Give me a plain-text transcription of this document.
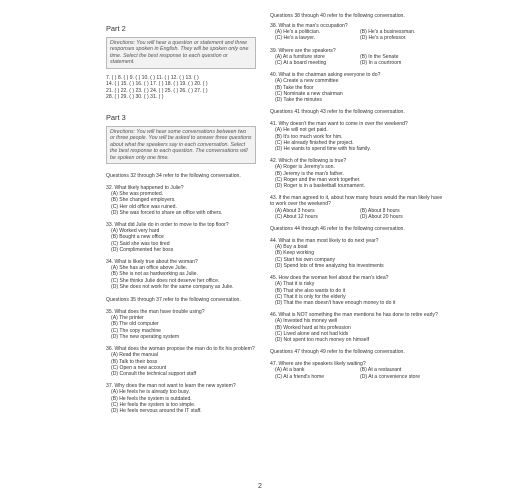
Part 2
Directions: You will hear a question or statement and three responses spoken in English. They will be spoken only one time. Select the best response to each question or statement.
7. ( ) 8. ( ) 9. ( ) 10. ( ) 11. ( ) 12. ( ) 13. ( )
14. ( ) 15. ( ) 16. ( ) 17. ( ) 18. ( ) 19. ( ) 20. ( )
21. ( ) 22. ( ) 23. ( ) 24. ( ) 25. ( ) 26. ( ) 27. ( )
28. ( ) 29. ( ) 30. ( ) 31. ( )
Part 3
Directions: You will hear some conversations between two or three people. You will be asked to answer three questions about what the speakers say in each conversation. Select the best response to each question. The conversations will be spoken only one time.
Questions 32 through 34 refer to the following conversation.
32. What likely happened to Julie?
(A) She was promoted.
(B) She changed employers.
(C) Her old office was ruined.
(D) She was forced to share an office with others.
33. What did Julie do in order to move to the top floor?
(A) Worked very hard
(B) Bought a new office
(C) Said she was too tired
(D) Complimented her boss
34. What is likely true about the woman?
(A) She has an office above Julie.
(B) She is not as hardworking as Julie.
(C) She thinks Julie does not deserve her office.
(D) She does not work for the same company as Julie.
Questions 35 through 37 refer to the following conversation.
35. What does the man have trouble using?
(A) The printer
(B) The old computer
(C) The copy machine
(D) The new operating system
36. What does the woman propose the man do to fix his problem?
(A) Read the manual
(B) Talk to their boss
(C) Open a new account
(D) Consult the technical support staff
37. Why does the man not want to learn the new system?
(A) He feels he is already too busy.
(B) He feels the system is outdated.
(C) He feels the system is too simple.
(D) He feels nervous around the IT staff.
Questions 38 through 40 refer to the following conversation.
38. What is the man's occupation?
(A) He's a politician.	(B) He's a businessman.
(C) He's a lawyer.	(D) He's a professor.
39. Where are the speakers?
(A) At a furniture store	(B) In the Senate
(C) At a board meeting	(D) In a courtroom
40. What is the chairman asking everyone to do?
(A) Create a new committee
(B) Take the floor
(C) Nominate a new chairman
(D) Take the minutes
Questions 41 through 43 refer to the following conversation.
41. Why doesn't the man want to come in over the weekend?
(A) He will not get paid.
(B) It's too much work for him.
(C) He already finished the project.
(D) He wants to spend time with his family.
42. Which of the following is true?
(A) Roger is Jeremy's son.
(B) Jeremy is the man's father.
(C) Roger and the man work together.
(D) Roger is in a basketball tournament.
43. If the man agreed to it, about how many hours would the man likely have to work over the weekend?
(A) About 3 hours	(B) About 8 hours
(C) About 12 hours	(D) About 20 hours
Questions 44 through 46 refer to the following conversation.
44. What is the man most likely to do next year?
(A) Buy a boat
(B) Keep working
(C) Start his own company
(D) Spend lots of time analyzing his investments
45. How does the woman feel about the man's idea?
(A) That it is risky
(B) That she also wants to do it
(C) That it is only for the elderly
(D) That the man doesn't have enough money to do it
46. What is NOT something the man mentions he has done to retire early?
(A) Invested his money well
(B) Worked hard at his profession
(C) Lived alone and not had kids
(D) Not spent too much money on himself
Questions 47 through 49 refer to the following conversation.
47. Where are the speakers likely waiting?
(A) At a bank	(B) At a restaurant
(C) At a friend's home	(D) At a convenience store
2
